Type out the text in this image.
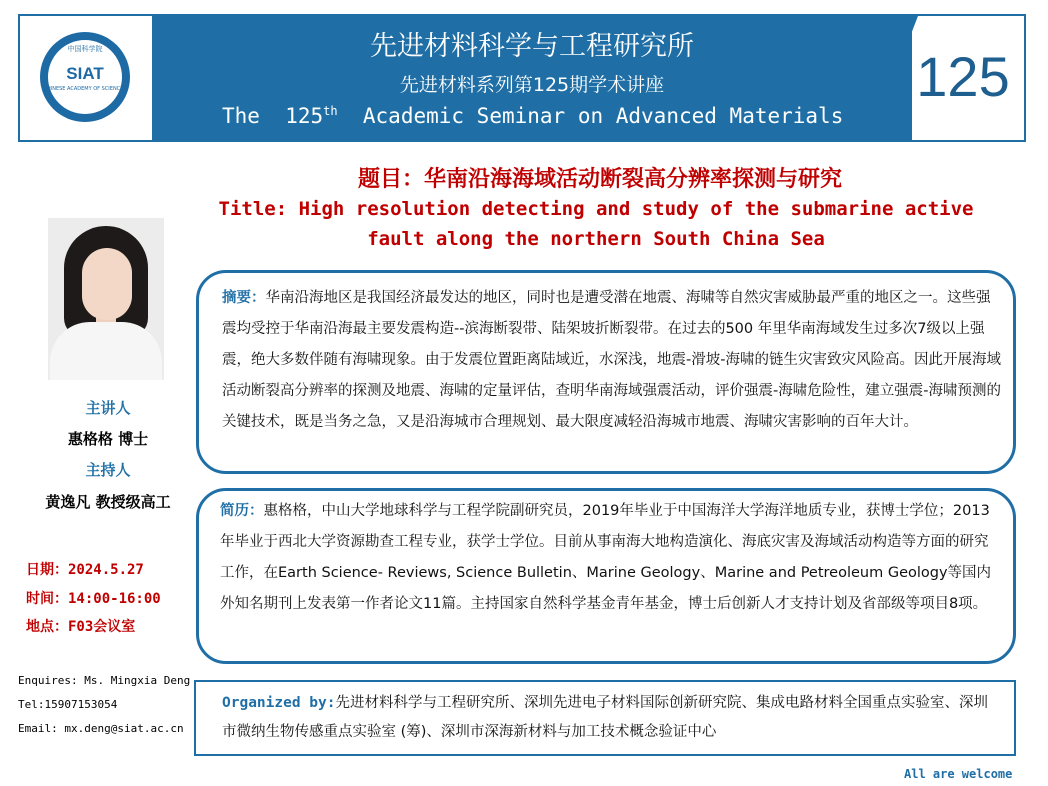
中国科学院
SIAT
CHINESE ACADEMY OF SCIENCES
先进材料科学与工程研究所
先进材料系列第125期学术讲座
The  125th  Academic Seminar on Advanced Materials
125
题目：华南沿海海域活动断裂高分辨率探测与研究
Title: High resolution detecting and study of the submarine active
fault along the northern South China Sea
主讲人
惠格格 博士
主持人
黄逸凡 教授级高工
日期：2024.5.27
时间：14:00-16:00
地点：F03会议室
Enquires: Ms. Mingxia Deng
Tel:15907153054
Email: mx.deng@siat.ac.cn
摘要：华南沿海地区是我国经济最发达的地区，同时也是遭受潜在地震、海啸等自然灾害威胁最严重的地区之一。这些强震均受控于华南沿海最主要发震构造--滨海断裂带、陆架坡折断裂带。在过去的500 年里华南海域发生过多次7级以上强震，绝大多数伴随有海啸现象。由于发震位置距离陆域近，水深浅，地震-滑坡-海啸的链生灾害致灾风险高。因此开展海域活动断裂高分辨率的探测及地震、海啸的定量评估，查明华南海域强震活动，评价强震-海啸危险性，建立强震-海啸预测的关键技术，既是当务之急，又是沿海城市合理规划、最大限度减轻沿海城市地震、海啸灾害影响的百年大计。
简历：惠格格，中山大学地球科学与工程学院副研究员，2019年毕业于中国海洋大学海洋地质专业，获博士学位；2013年毕业于西北大学资源勘查工程专业，获学士学位。目前从事南海大地构造演化、海底灾害及海域活动构造等方面的研究工作，在Earth Science- Reviews, Science Bulletin、Marine Geology、Marine and Petreoleum Geology等国内外知名期刊上发表第一作者论文11篇。主持国家自然科学基金青年基金，博士后创新人才支持计划及省部级等项目8项。
Organized by:先进材料科学与工程研究所、深圳先进电子材料国际创新研究院、集成电路材料全国重点实验室、深圳市微纳生物传感重点实验室 (筹)、深圳市深海新材料与加工技术概念验证中心
All are welcome
